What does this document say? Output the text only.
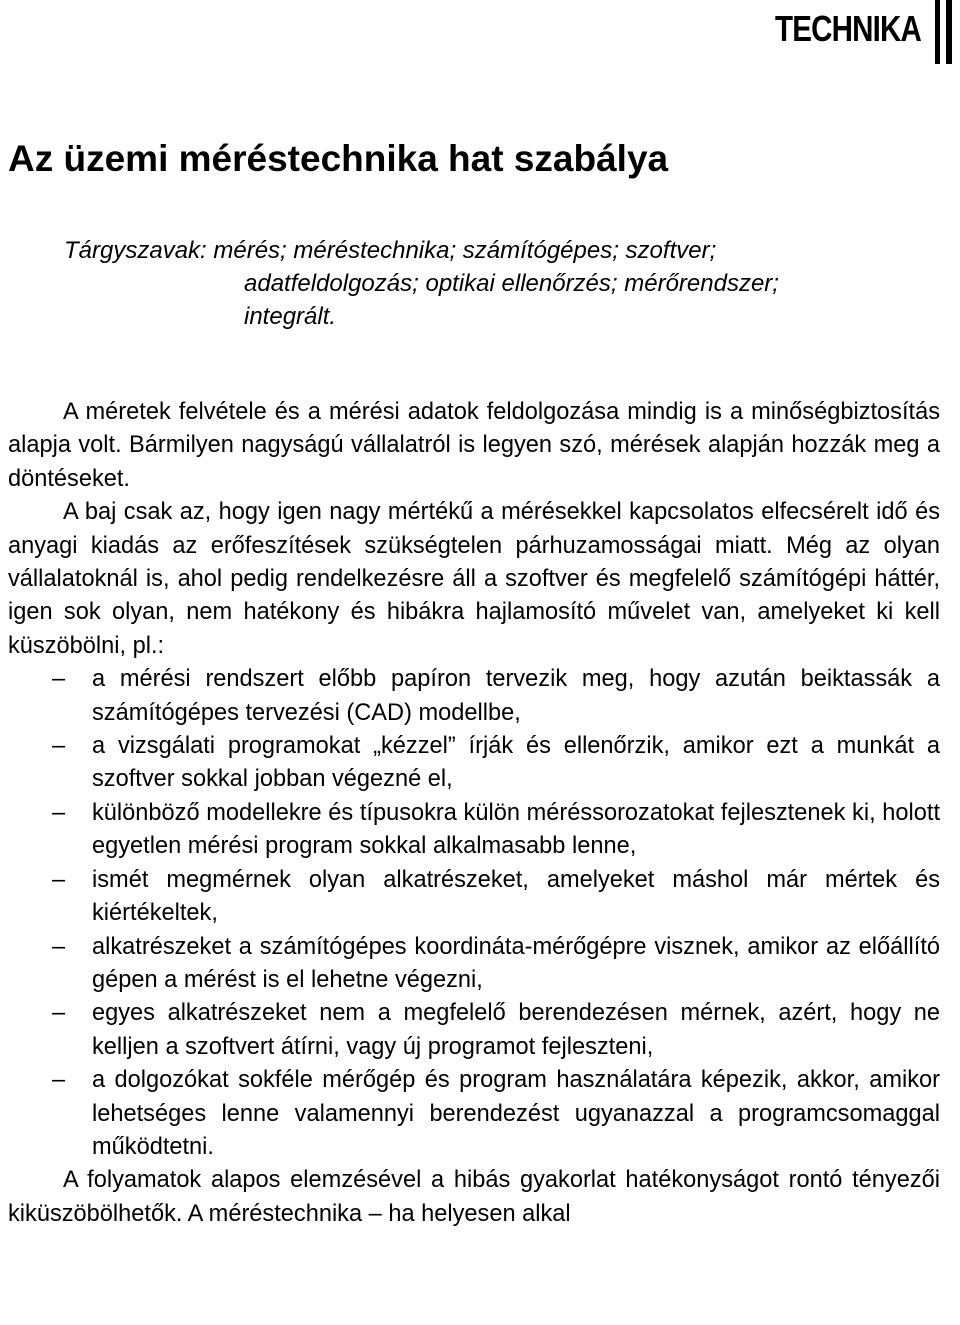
TECHNIKA
Az üzemi méréstechnika hat szabálya
Tárgyszavak: mérés; méréstechnika; számítógépes; szoftver;
adatfeldolgozás; optikai ellenőrzés; mérőrendszer;
integrált.

A méretek felvétele és a mérési adatok feldolgozása mindig is a minőségbiztosítás alapja volt. Bármilyen nagyságú vállalatról is legyen szó, mérések alapján hozzák meg a döntéseket.

A baj csak az, hogy igen nagy mértékű a mérésekkel kapcsolatos elfecsérelt idő és anyagi kiadás az erőfeszítések szükségtelen párhuzamosságai miatt. Még az olyan vállalatoknál is, ahol pedig rendelkezésre áll a szoftver és megfelelő számítógépi háttér, igen sok olyan, nem hatékony és hibákra hajlamosító művelet van, amelyeket ki kell küszöbölni, pl.:

– a mérési rendszert előbb papíron tervezik meg, hogy azután beiktassák a számítógépes tervezési (CAD) modellbe,
– a vizsgálati programokat „kézzel” írják és ellenőrzik, amikor ezt a munkát a szoftver sokkal jobban végezné el,
– különböző modellekre és típusokra külön méréssorozatokat fejlesztenek ki, holott egyetlen mérési program sokkal alkalmasabb lenne,
– ismét megmérnek olyan alkatrészeket, amelyeket máshol már mértek és kiértékeltek,
– alkatrészeket a számítógépes koordináta-mérőgépre visznek, amikor az előállító gépen a mérést is el lehetne végezni,
– egyes alkatrészeket nem a megfelelő berendezésen mérnek, azért, hogy ne kelljen a szoftvert átírni, vagy új programot fejleszteni,
– a dolgozókat sokféle mérőgép és program használatára képezik, akkor, amikor lehetséges lenne valamennyi berendezést ugyanazzal a programcsomaggal működtetni.

A folyamatok alapos elemzésével a hibás gyakorlat hatékonyságot rontó tényezői kiküszöbölhetők. A méréstechnika – ha helyesen alkal
